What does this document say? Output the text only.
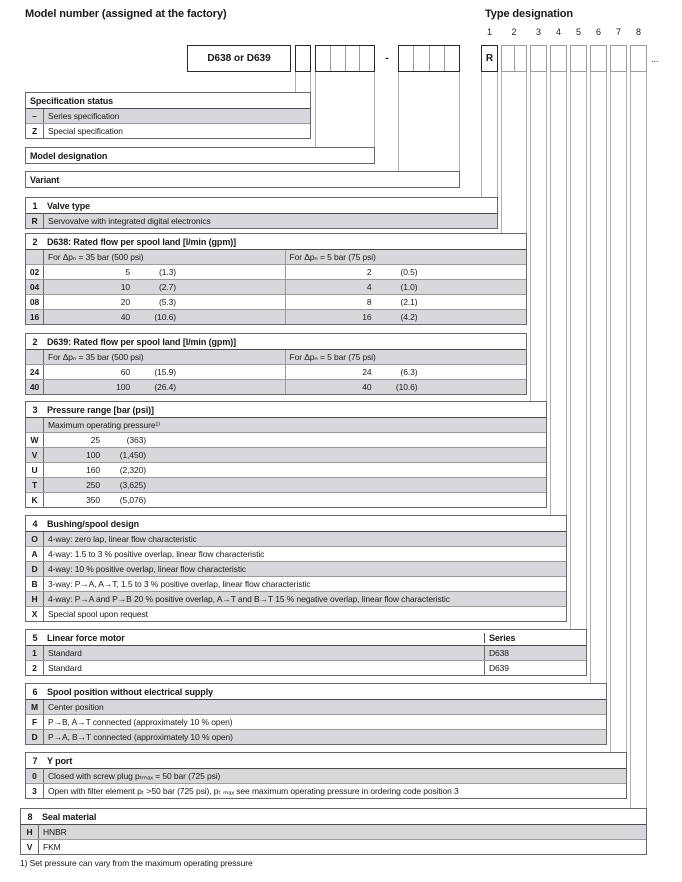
Model number (assigned at the factory)	Type designation
1	2	3	4	5	6	7	8
D638 or D639	-	R	...
Specification status
–	Series specification
Z	Special specification
Model designation
Variant
1	Valve type
R	Servovalve with integrated digital electronics
2	D638: Rated flow per spool land [l/min (gpm)]
For Δpₙ = 35 bar (500 psi)	For Δpₙ = 5 bar (75 psi)
02	5	(1.3)	2	(0.5)
04	10	(2.7)	4	(1.0)
08	20	(5.3)	8	(2.1)
16	40	(10.6)	16	(4.2)
2	D639: Rated flow per spool land [l/min (gpm)]
For Δpₙ = 35 bar (500 psi)	For Δpₙ = 5 bar (75 psi)
24	60	(15.9)	24	(6.3)
40	100	(26.4)	40	(10.6)
3	Pressure range [bar (psi)]
Maximum operating pressure¹⁾
W	25	(363)
V	100	(1,450)
U	160	(2,320)
T	250	(3,625)
K	350	(5,076)
4	Bushing/spool design
O	4-way: zero lap, linear flow characteristic
A	4-way: 1.5 to 3 % positive overlap, linear flow characteristic
D	4-way: 10 % positive overlap, linear flow characteristic
B	3-way: P→A, A→T, 1.5 to 3 % positive overlap, linear flow characteristic
H	4-way: P→A and P→B 20 % positive overlap, A→T and B→T 15 % negative overlap, linear flow characteristic
X	Special spool upon request
5	Linear force motor	Series
1	Standard	D638
2	Standard	D639
6	Spool position without electrical supply
M	Center position
F	P→B, A→T connected (approximately 10 % open)
D	P→A, B→T connected (approximately 10 % open)
7	Y port
0	Closed with screw plug pₜₘₐₓ = 50 bar (725 psi)
3	Open with filter element pₜ >50 bar (725 psi), pₜ ₘₐₓ see maximum operating pressure in ordering code position 3
8	Seal material
H	HNBR
V	FKM
1) Set pressure can vary from the maximum operating pressure
